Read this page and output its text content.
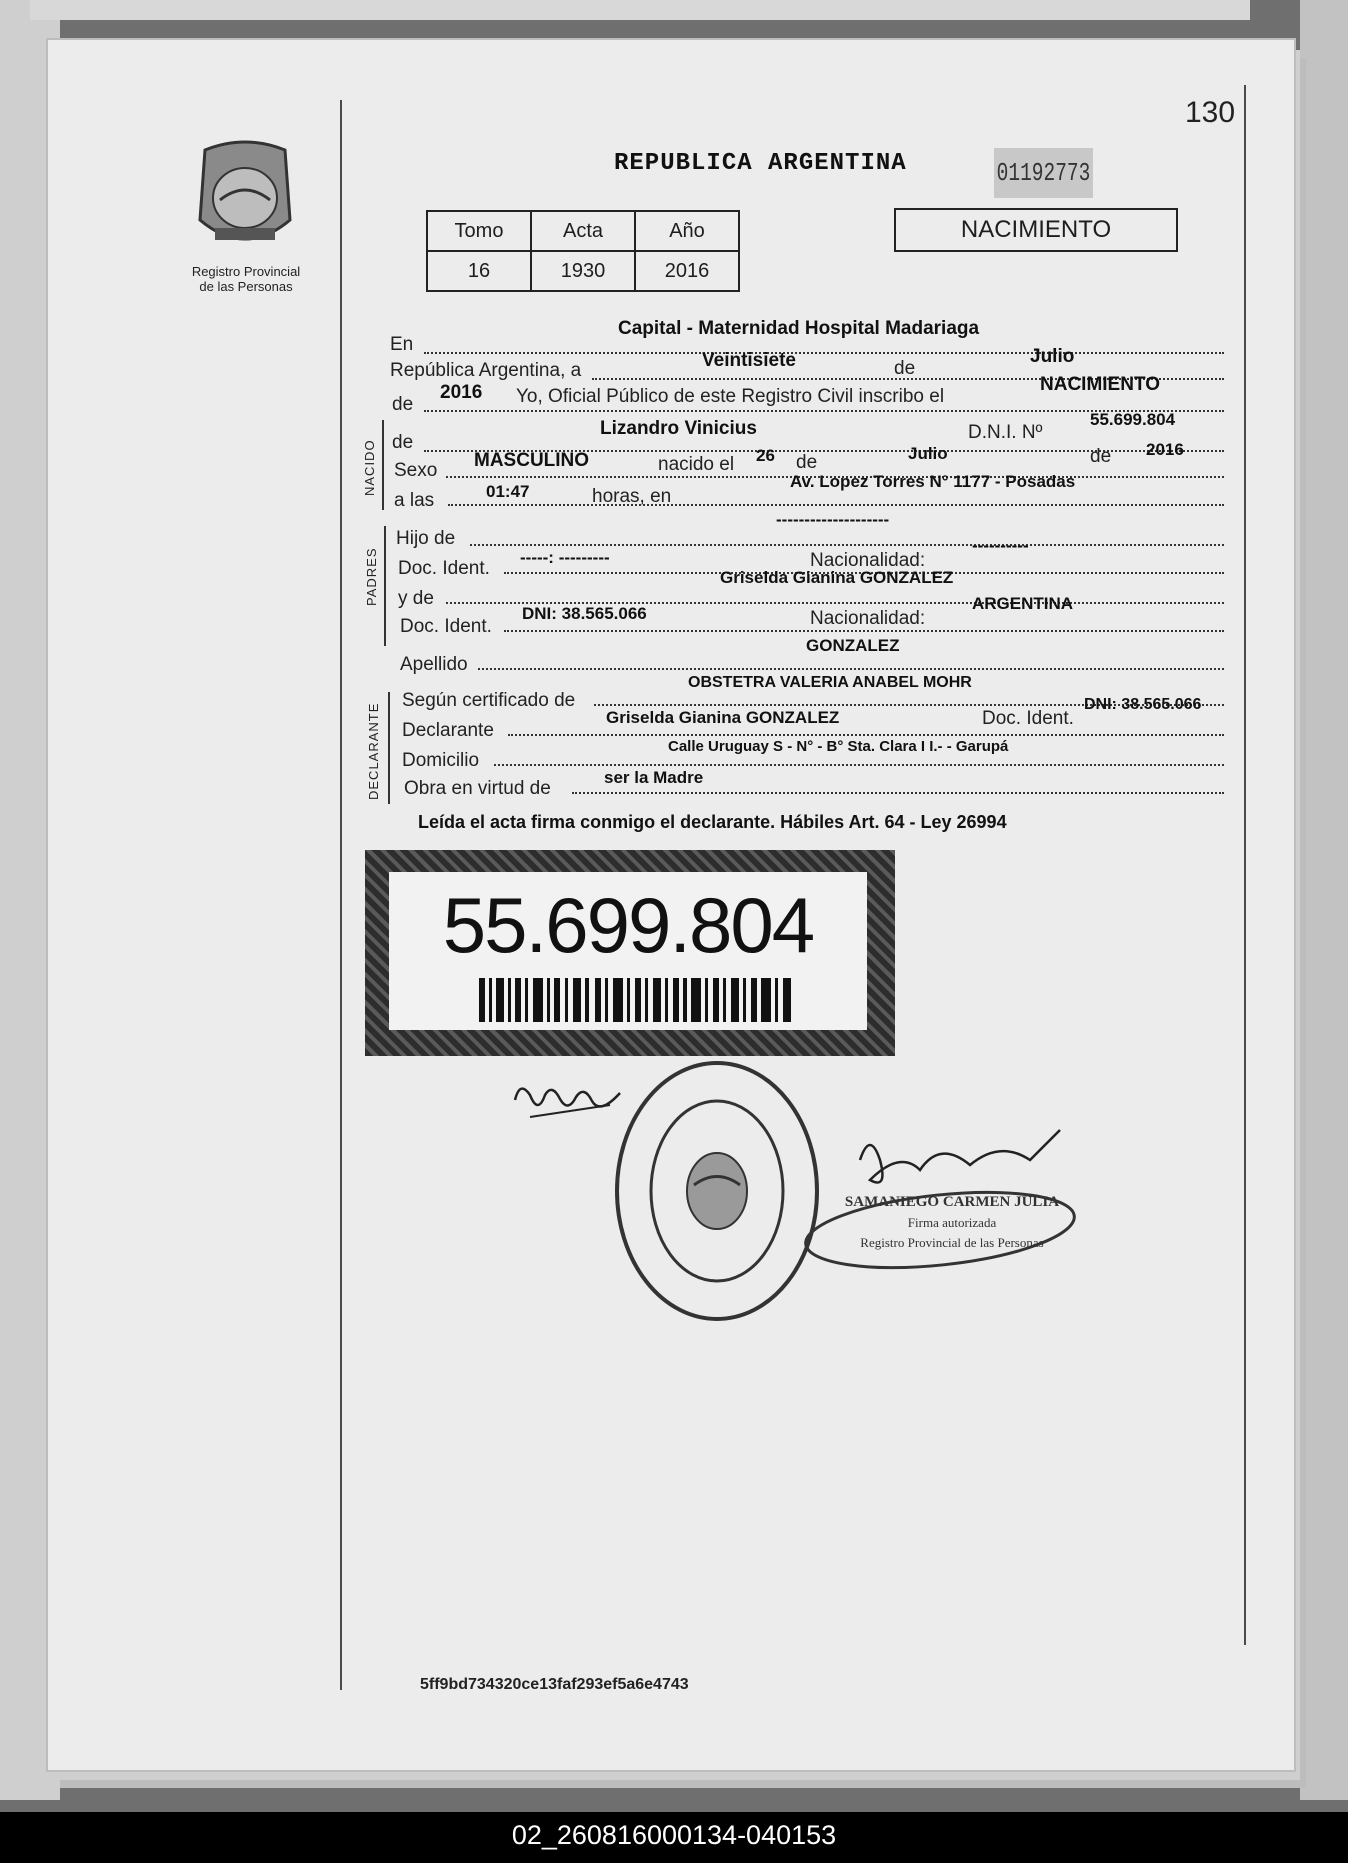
130
Registro Provincial
de las Personas
REPUBLICA ARGENTINA	01192773
Tomo	Acta	Año
16	1930	2016
NACIMIENTO
En
Capital - Maternidad Hospital Madariaga
República Argentina, a	Veintisiete	de
Julio
de
2016 Yo, Oficial Público de este Registro Civil inscribo el
NACIMIENTO
NACIDO de
Lizandro Vinicius	D.N.I. Nº
55.699.804
Sexo MASCULINO	nacido el 26 de	Julio	de 2016
a las	01:47	horas, en
Av. Lopez Torres N° 1177 - Posadas
PADRES
Hijo de
--------------------
Doc. Ident.
-----: ---------	Nacionalidad:
----------
y de
Griselda Gianina GONZALEZ
Doc. Ident.
DNI: 38.565.066	Nacionalidad:
ARGENTINA
Apellido
GONZALEZ
DECLARANTE
Según certificado de
OBSTETRA VALERIA ANABEL MOHR
Declarante
Griselda Gianina GONZALEZ	Doc. Ident.
DNI: 38.565.066
Domicilio
Calle Uruguay S - N° - B° Sta. Clara I I.- - Garupá
Obra en virtud de
ser la Madre
Leída el acta firma conmigo el declarante. Hábiles Art. 64 - Ley 26994
55.699.804
SAMANIEGO CARMEN JULIA
Firma autorizada
Registro Provincial de las Personas
5ff9bd734320ce13faf293ef5a6e4743
02_260816000134-040153
